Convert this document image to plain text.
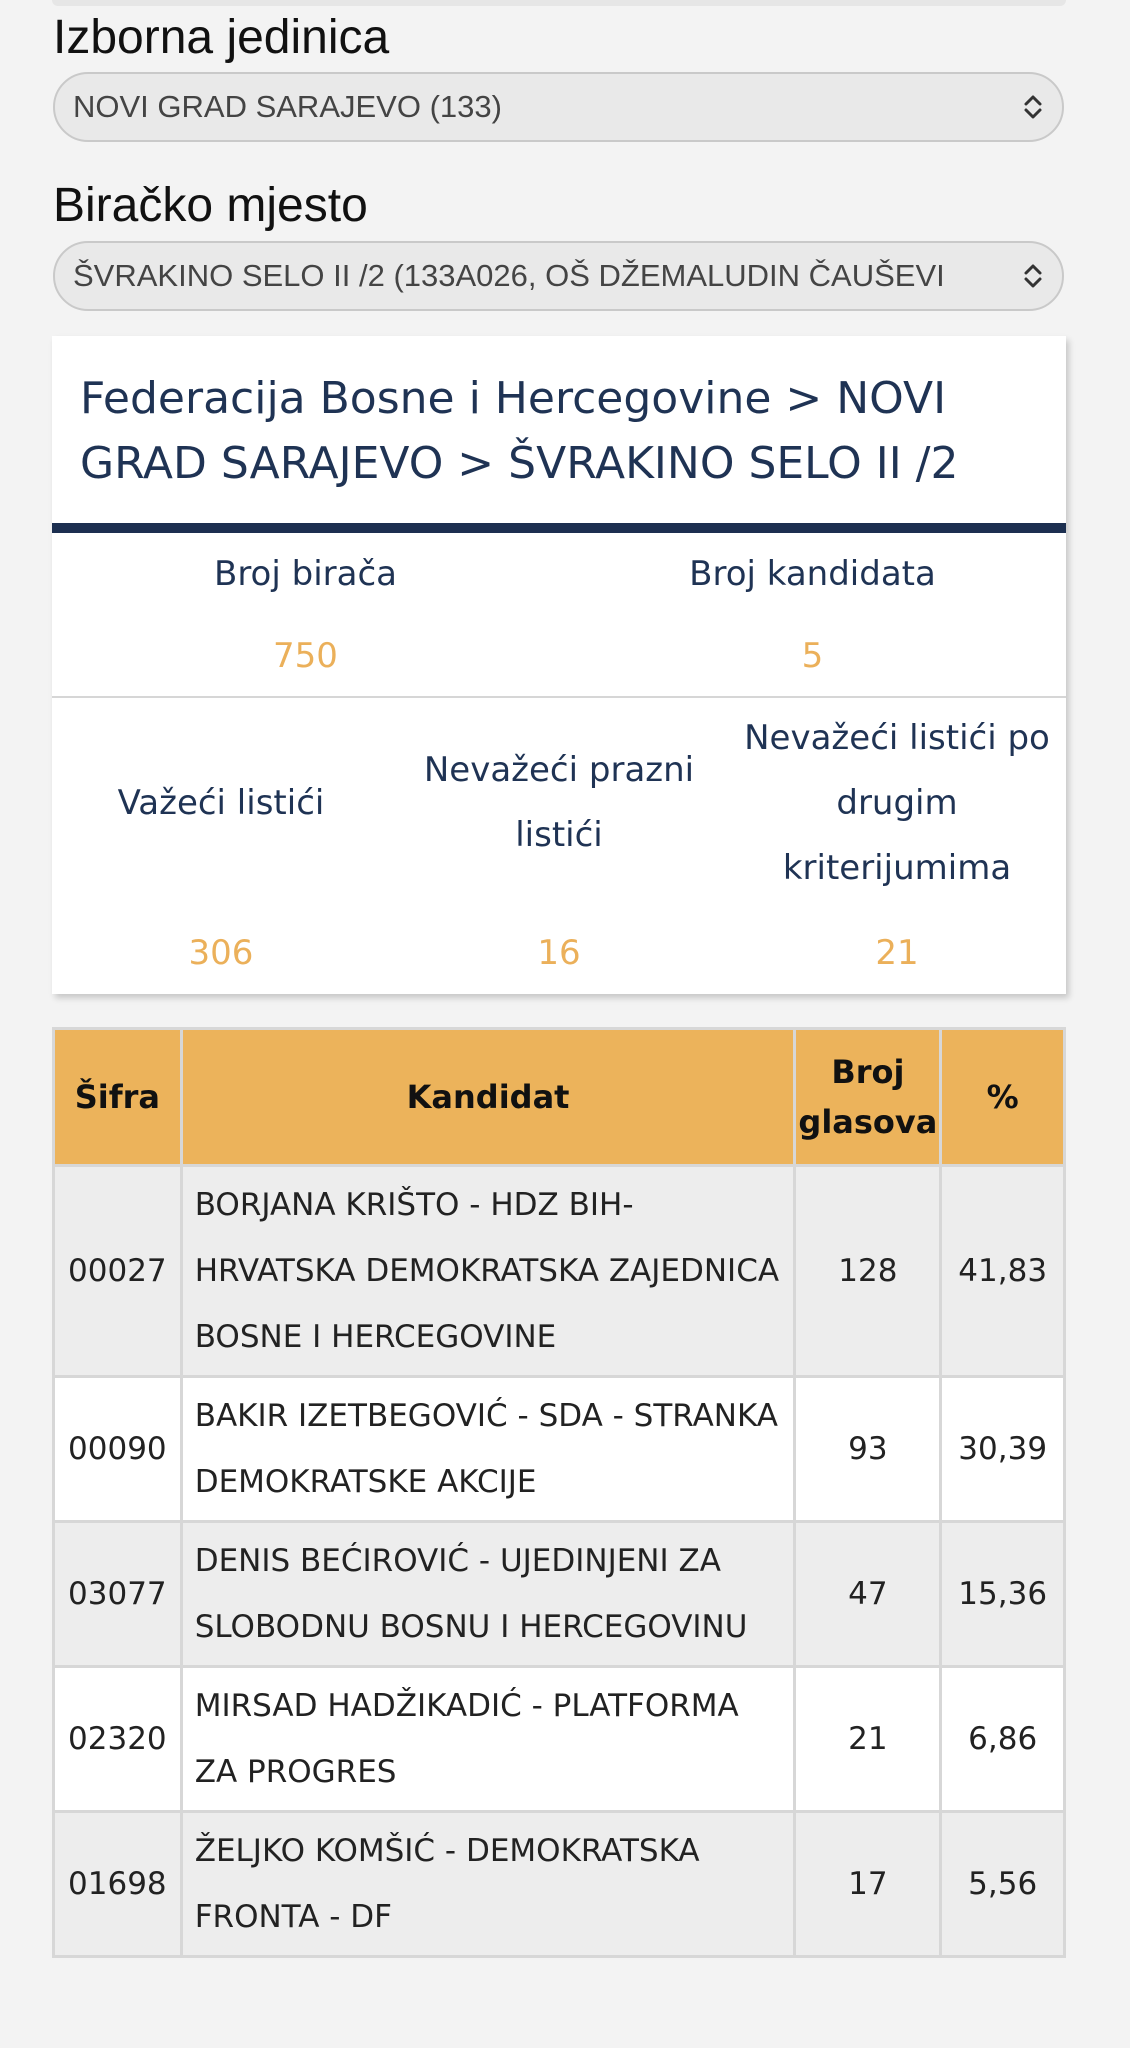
Izborna jedinica
NOVI GRAD SARAJEVO (133)
Biračko mjesto
ŠVRAKINO SELO II /2 (133A026, OŠ DŽEMALUDIN ČAUŠEVI
Federacija Bosne i Hercegovine > NOVI GRAD SARAJEVO > ŠVRAKINO SELO II /2
Broj birača
750
Broj kandidata
5
Važeći listići
306
Nevažeći prazni listići
16
Nevažeći listići po drugim kriterijumima
21
Šifra	Kandidat	Broj glasova	%
00027	BORJANA KRIŠTO - HDZ BIH- HRVATSKA DEMOKRATSKA ZAJEDNICA BOSNE I HERCEGOVINE	128	41,83
00090	BAKIR IZETBEGOVIĆ - SDA - STRANKA DEMOKRATSKE AKCIJE	93	30,39
03077	DENIS BEĆIROVIĆ - UJEDINJENI ZA SLOBODNU BOSNU I HERCEGOVINU	47	15,36
02320	MIRSAD HADŽIKADIĆ - PLATFORMA ZA PROGRES	21	6,86
01698	ŽELJKO KOMŠIĆ - DEMOKRATSKA FRONTA - DF	17	5,56
